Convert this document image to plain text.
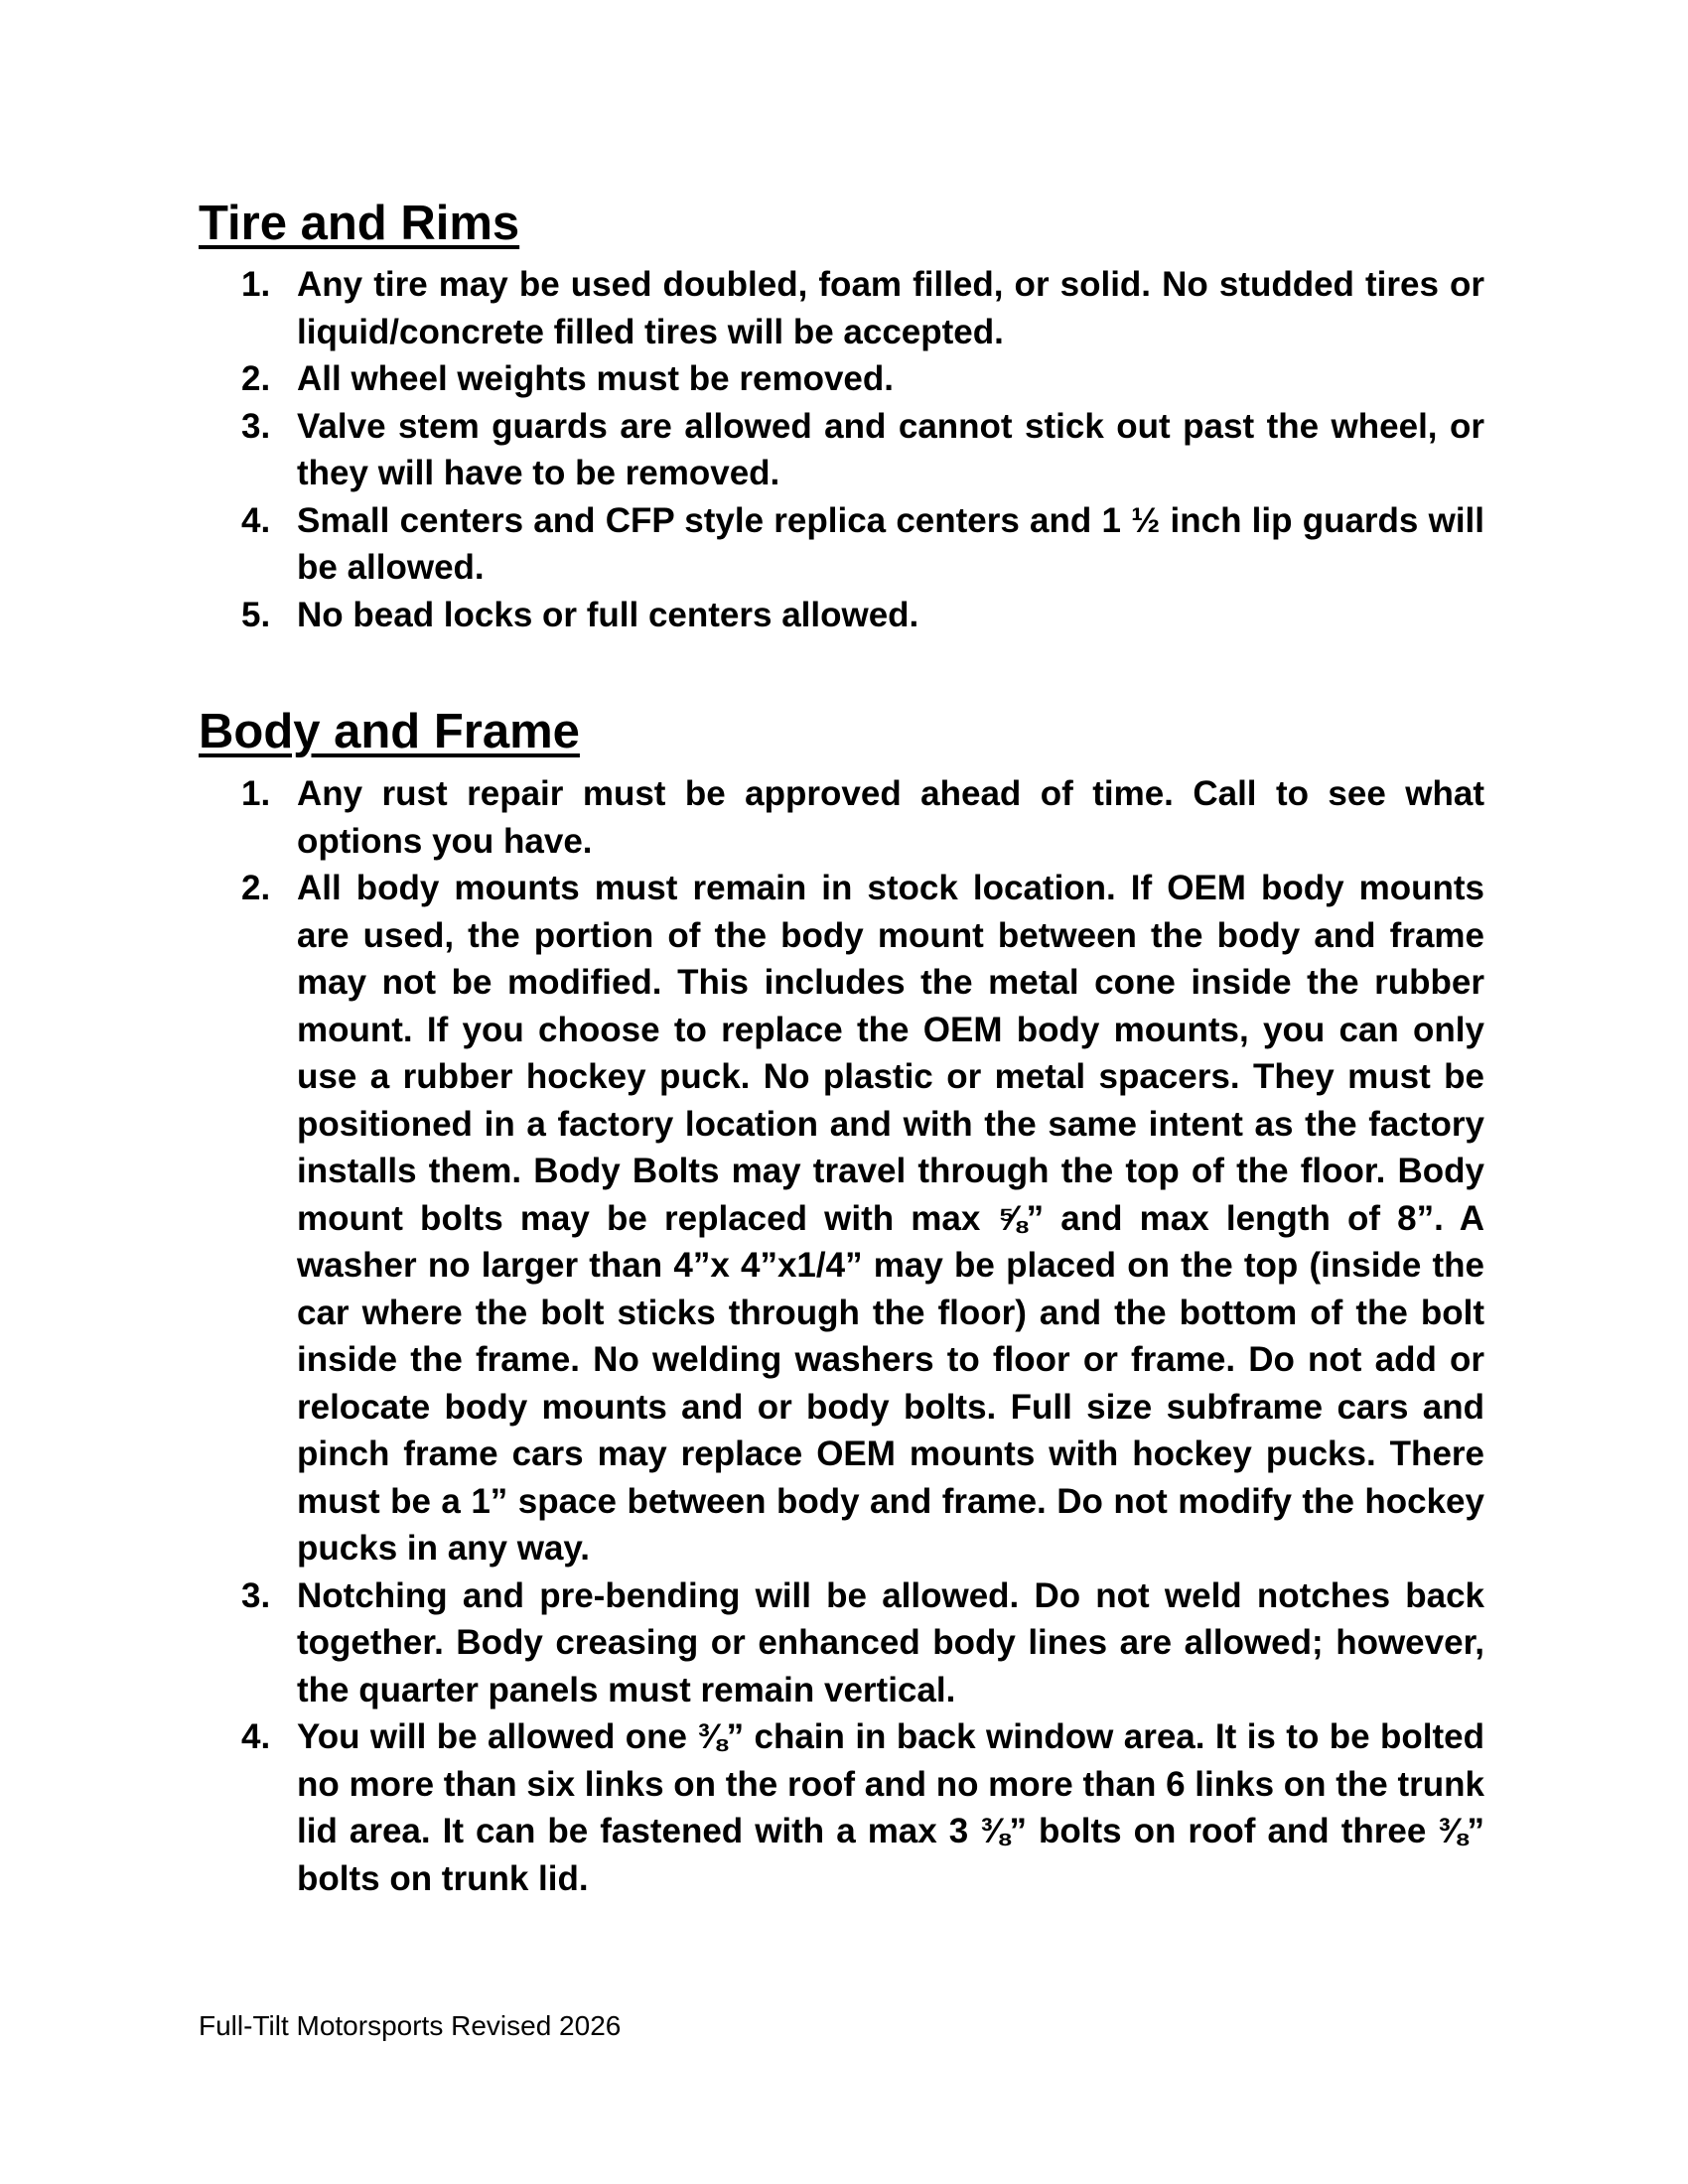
Tire and Rims
1. Any tire may be used doubled, foam filled, or solid. No studded tires or liquid/concrete filled tires will be accepted.
2. All wheel weights must be removed.
3. Valve stem guards are allowed and cannot stick out past the wheel, or they will have to be removed.
4. Small centers and CFP style replica centers and 1 ½ inch lip guards will be allowed.
5. No bead locks or full centers allowed.
Body and Frame
1. Any rust repair must be approved ahead of time. Call to see what options you have.
2. All body mounts must remain in stock location. If OEM body mounts are used, the portion of the body mount between the body and frame may not be modified. This includes the metal cone inside the rubber mount. If you choose to replace the OEM body mounts, you can only use a rubber hockey puck. No plastic or metal spacers. They must be positioned in a factory location and with the same intent as the factory installs them. Body Bolts may travel through the top of the floor. Body mount bolts may be replaced with max ⅝” and max length of 8”. A washer no larger than 4”x 4”x1/4” may be placed on the top (inside the car where the bolt sticks through the floor) and the bottom of the bolt inside the frame. No welding washers to floor or frame. Do not add or relocate body mounts and or body bolts. Full size subframe cars and pinch frame cars may replace OEM mounts with hockey pucks. There must be a 1” space between body and frame. Do not modify the hockey pucks in any way.
3. Notching and pre-bending will be allowed. Do not weld notches back together. Body creasing or enhanced body lines are allowed; however, the quarter panels must remain vertical.
4. You will be allowed one ⅜” chain in back window area. It is to be bolted no more than six links on the roof and no more than 6 links on the trunk lid area. It can be fastened with a max 3 ⅜” bolts on roof and three ⅜” bolts on trunk lid.
Full-Tilt Motorsports Revised 2026
